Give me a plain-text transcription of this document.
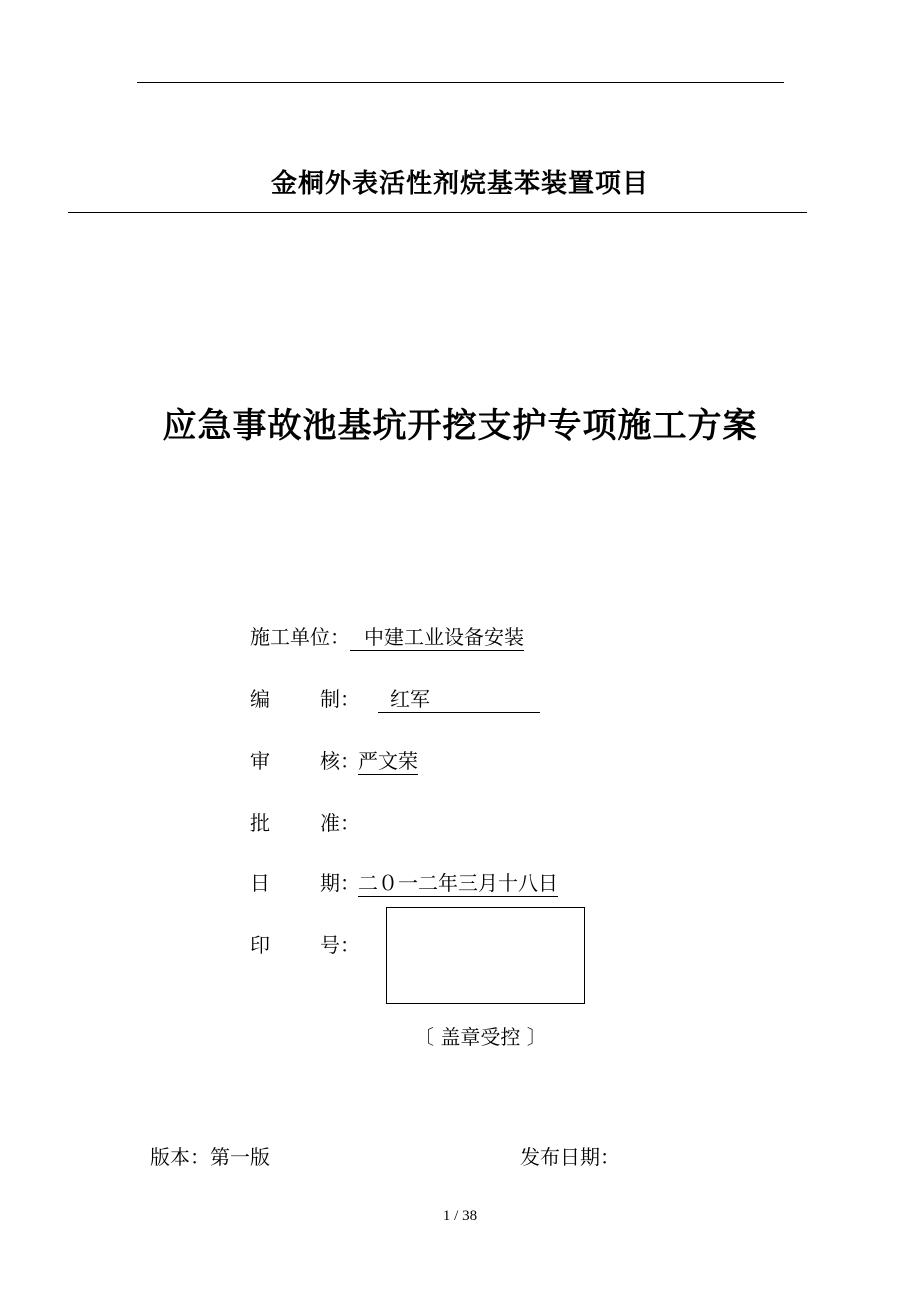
金桐外表活性剂烷基苯装置项目
应急事故池基坑开挖支护专项施工方案
施工单位： 中建工业设备安装
编	制： 红军
审	核：严文荣
批	准：
日	期：二０一二年三月十八日
印	号：
〔 盖章受控 〕
版本：第一版	发布日期：
1 / 38
